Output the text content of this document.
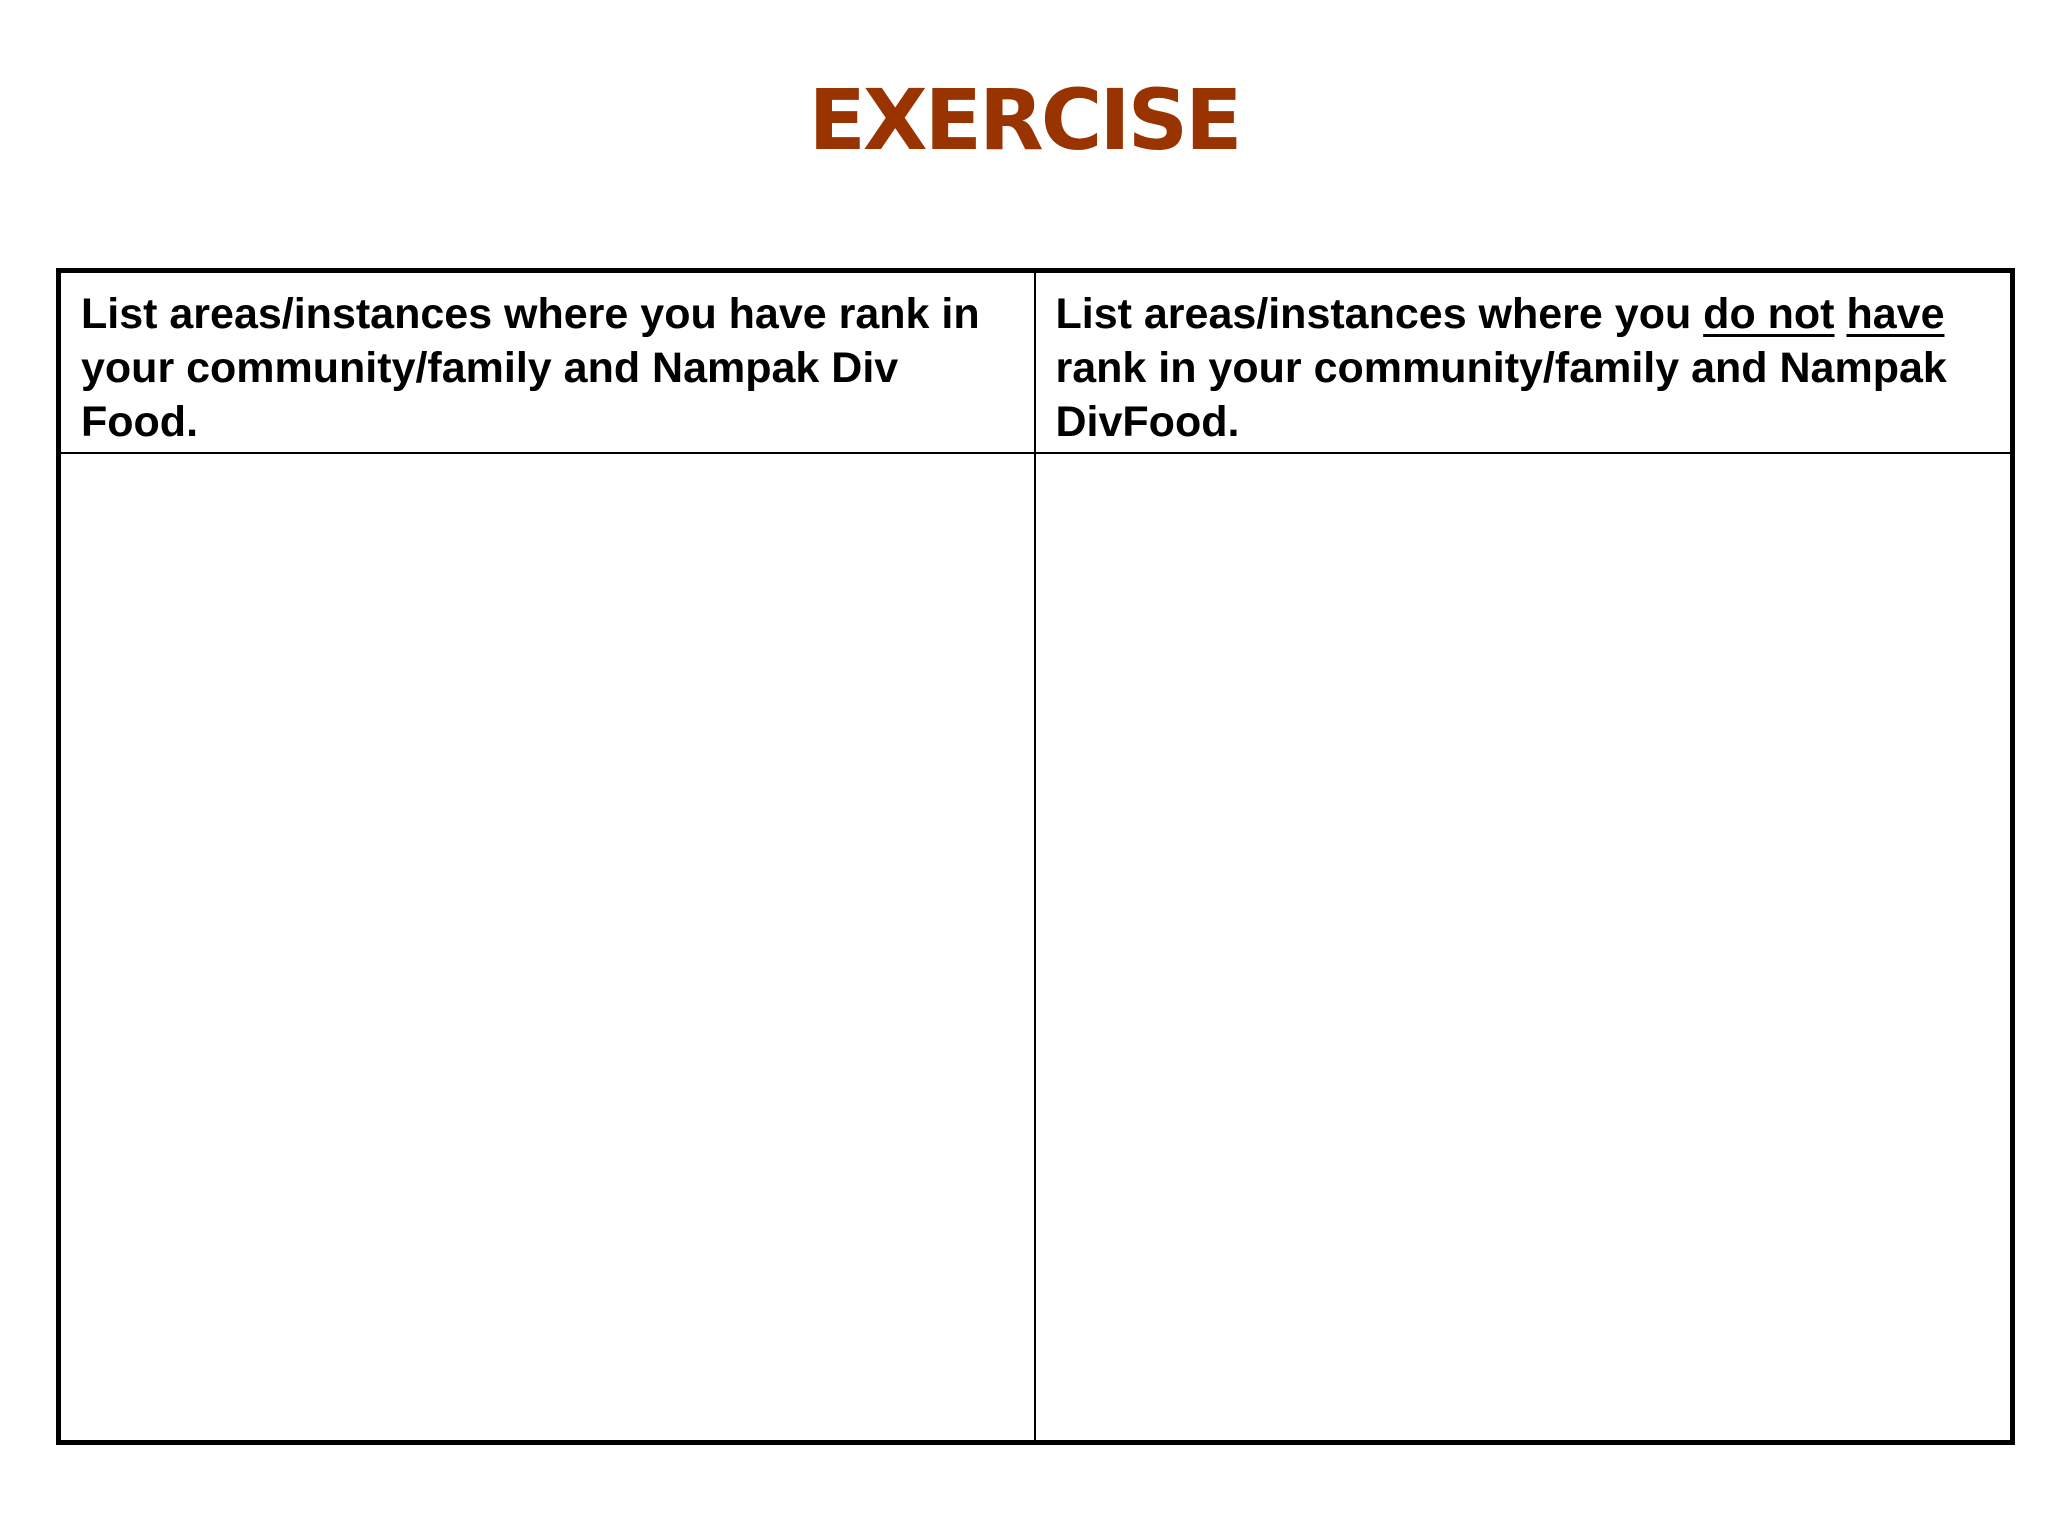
EXERCISE
List areas/instances where you have rank in your community/family and Nampak Div Food.	List areas/instances where you do not have rank in your community/family and Nampak DivFood.
